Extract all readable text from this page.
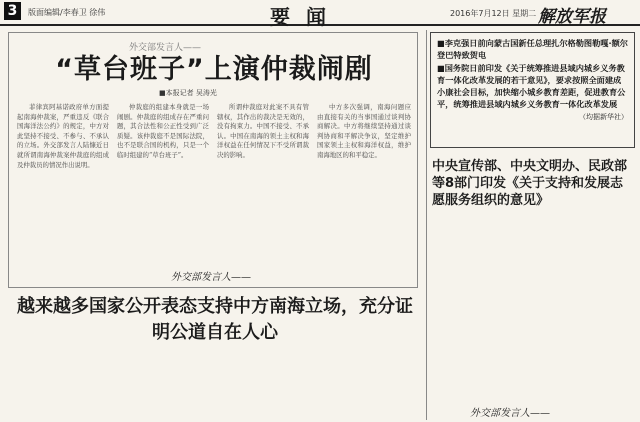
3	版面编辑/李春卫 徐伟	要闻	2016年7月12日 星期二 解放军报
外交部发言人——
“草台班子”上演仲裁闹剧
■本报记者 吴涛光
菲律宾阿基诺政府单方面提起南海仲裁案，严重违反《联合国海洋法公约》的规定，中方对此坚持不接受、不参与、不承认的立场。外交部发言人陆慷近日就所谓南海仲裁案仲裁庭的组成及仲裁员的情况作出说明。
仲裁庭的组建本身就是一场闹剧。仲裁庭的组成存在严重问题，其合法性和公正性受到广泛质疑。该仲裁庭不是国际法院，也不是联合国的机构，只是一个临时组建的“草台班子”。
所谓仲裁庭对此案不具有管辖权，其作出的裁决是无效的，没有拘束力。中国不接受、不承认。中国在南海的领土主权和海洋权益在任何情况下不受所谓裁决的影响。
中方多次强调，南海问题应由直接有关的当事国通过谈判协商解决。中方将继续坚持通过谈判协商和平解决争议，坚定维护国家领土主权和海洋权益，维护南海地区的和平稳定。
外交部发言人——
越来越多国家公开表态支持中方南海立场，充分证明公道自在人心

■李克强日前向蒙古国新任总理扎尔格勒图勒嘎·额尔登巴特致贺电

■国务院日前印发《关于统筹推进县域内城乡义务教育一体化改革发展的若干意见》，要求按照全面建成小康社会目标，加快缩小城乡教育差距，促进教育公平，统筹推进县域内城乡义务教育一体化改革发展

（均据新华社）
中央宣传部、中央文明办、民政部等8部门印发《关于支持和发展志愿服务组织的意见》
外交部发言人——
